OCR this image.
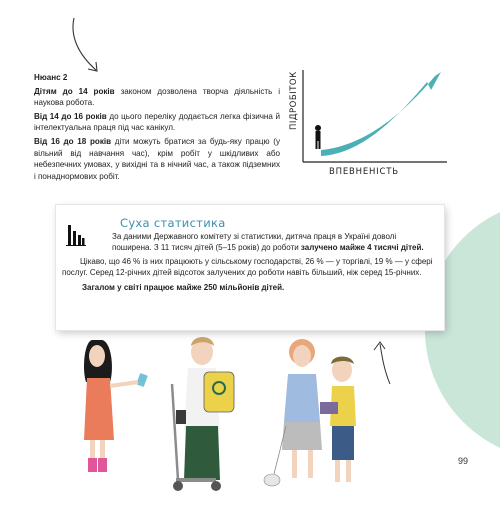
Нюанс 2

Дітям до 14 років законом дозволена творча діяльність і наукова робота.

Від 14 до 16 років до цього переліку додається легка фізична й інтелектуальна праця під час канікул.

Від 16 до 18 років діти можуть братися за будь-яку працю (у вільний від навчання час), крім робіт у шкідливих або небезпечних умовах, у вихідні та в нічний час, а також підземних і понаднормових робіт.

ПІДРОБІТОК
ВПЕВНЕНІСТЬ
Суха статистика

За даними Державного комітету зі статистики, дитяча праця в Україні доволі поширена. З 11 тисяч дітей (5–15 років) до роботи залучено майже 4 тисячі дітей.

Цікаво, що 46 % із них працюють у сільському господарстві, 26 % — у торгівлі, 19 % — у сфері послуг. Серед 12-річних дітей відсоток залучених до роботи навіть більший, ніж серед 15-річних.

Загалом у світі працює майже 250 мільйонів дітей.

99
